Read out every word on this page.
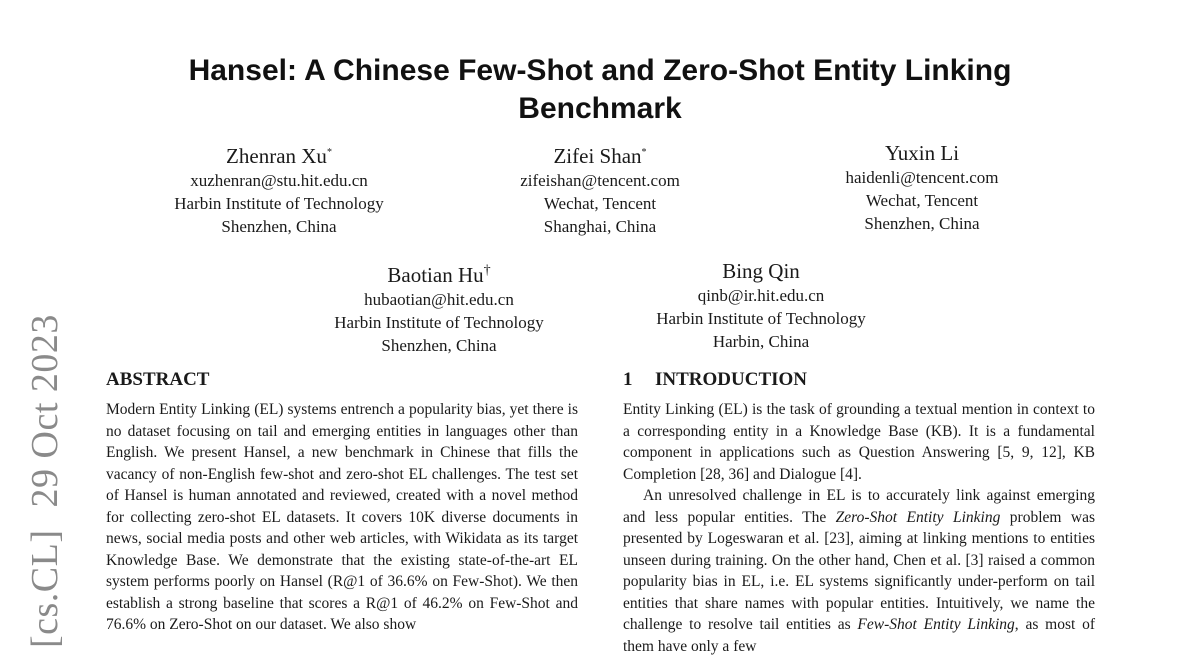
Hansel: A Chinese Few-Shot and Zero-Shot Entity Linking
Benchmark
Zhenran Xu*
xuzhenran@stu.hit.edu.cn
Harbin Institute of Technology
Shenzhen, China
Zifei Shan*
zifeishan@tencent.com
Wechat, Tencent
Shanghai, China
Yuxin Li
haidenli@tencent.com
Wechat, Tencent
Shenzhen, China
Baotian Hu†
hubaotian@hit.edu.cn
Harbin Institute of Technology
Shenzhen, China
Bing Qin
qinb@ir.hit.edu.cn
Harbin Institute of Technology
Harbin, China
[cs.CL]29 Oct 2023 ABSTRACT

Modern Entity Linking (EL) systems entrench a popularity bias, yet there is no dataset focusing on tail and emerging entities in languages other than English. We present Hansel, a new benchmark in Chinese that fills the vacancy of non-English few-shot and zero-shot EL challenges. The test set of Hansel is human annotated and reviewed, created with a novel method for collecting zero-shot EL datasets. It covers 10K diverse documents in news, social media posts and other web articles, with Wikidata as its target Knowledge Base. We demonstrate that the existing state-of-the-art EL system performs poorly on Hansel (R@1 of 36.6% on Few-Shot). We then establish a strong baseline that scores a R@1 of 46.2% on Few-Shot and 76.6% on Zero-Shot on our dataset. We also show

1 INTRODUCTION

Entity Linking (EL) is the task of grounding a textual mention in context to a corresponding entity in a Knowledge Base (KB). It is a fundamental component in applications such as Question Answering [5, 9, 12], KB Completion [28, 36] and Dialogue [4].

An unresolved challenge in EL is to accurately link against emerging and less popular entities. The Zero-Shot Entity Linking problem was presented by Logeswaran et al. [23], aiming at linking mentions to entities unseen during training. On the other hand, Chen et al. [3] raised a common popularity bias in EL, i.e. EL systems significantly under-perform on tail entities that share names with popular entities. Intuitively, we name the challenge to resolve tail entities as Few-Shot Entity Linking, as most of them have only a few
